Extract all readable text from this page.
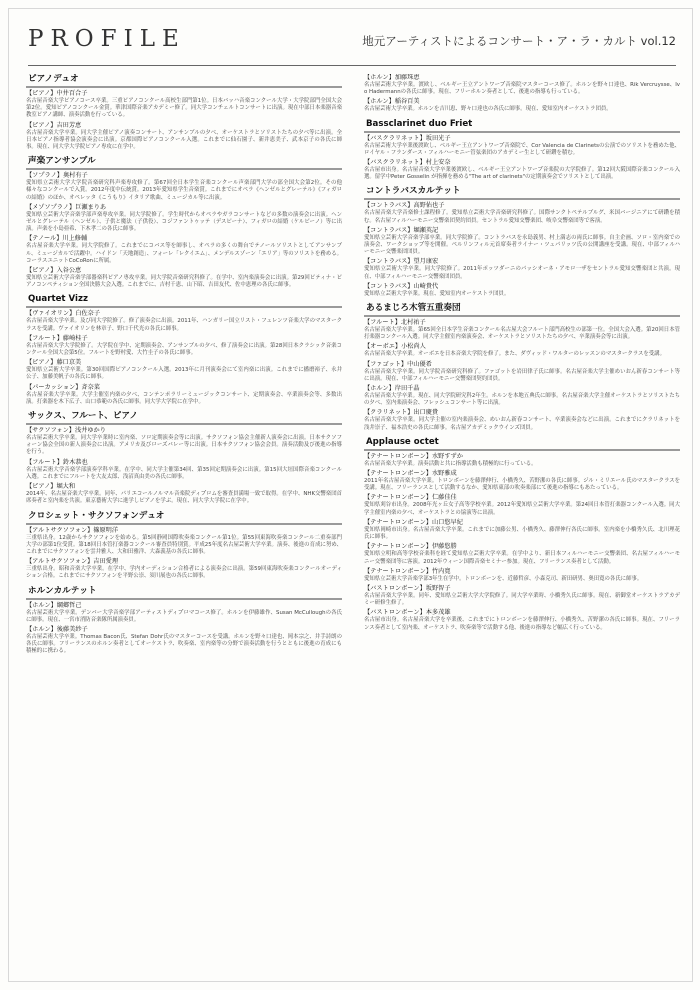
PROFILE	地元アーティストによるコンサート・ア・ラ・カルト vol.12
ピアノデュオ
【ピアノ】中井百合子
名古屋音楽大学ピアノコース卒業。三重ピアノコンクール高校生部門第1位。日本バッハ音楽コンクール大学・大学院部門全国大会第2位。愛知ピアノコンクール金賞。華津国際音楽アカデミー修了。同大学コンチェルトコンサートに出演。現在中部日本楽器音楽教室ピアノ講師、演奏活動を行っている。
【ピアノ】吉田芳恵
名古屋音楽大学卒業。同大学主催ピアノ演奏コンサート、アンサンブルの夕べ、オーケストラとソリストたちの夕べ等に出演。全日本ピアノ指導者協会演奏会に出演。京都国際ピアノコンクール入選。これまでに仙石園子、新井恵美子、武本京子の各氏に師事。現在、同大学大学院ピアノ専攻に在学中。
声楽アンサンブル
【ソプラノ】奥村有子
愛知県立芸術大学大学院音楽研究科声楽専攻修了。第67回全日本学生音楽コンクール声楽部門大学の部全国大会第2位。その他様々なコンクールで入賞。2012年度中伝統賞。2013年愛知県学生音楽賞。これまでにオペラ《ヘンゼルとグレーテル》《フィガロの結婚》のほか、オペレッタ《こうもり》イタリア歌曲、ミュージカル等に出演。
【メゾソプラノ】巨瀬まりあ
愛知県立芸術大学音楽学部声楽専攻卒業。同大学院修了。学生時代からオペラやガラコンサートなどの多数の演奏会に出演。ヘンゼルとグレーテル（ヘンゼル）、子供と魔法（子供役）、コジファントゥッテ（デスピーナ）、フィガロの結婚（ケルビーノ）等に出演。声楽を小島亜希、下木孝二の各氏に師事。
【テノール】川上修輔
名古屋音楽大学卒業。同大学院修了。これまでにコバス等を師事し、オペラの多くの舞台でテノールソリストとしてアンサンブル、ミュージカルで活躍中。ハイドン「天地創造」、フォーレ「レクイエム」、メンデルスゾーン「エリア」等のソリストを務める。コーラスユニットCoCoRonに所属。
【ピアノ】入谷公恵
愛知県立芸術大学音楽学部器楽科ピアノ専攻卒業。同大学院音楽研究科修了。在学中、室内楽演奏会に出演。第29回ピティナ・ピアノコンペティション全国決勝大会入選。これまでに、吉村千恵、山下昭、吉田友代、佐中恵理の各氏に師事。
Quartet Vizz
【ヴァイオリン】白佐奈子
名古屋音楽大学卒業。及び同大学院修了。修了演奏会に出演。2011年、ハンガリー国立リスト・フェレンツ音楽大学のマスタークラスを受講。ヴァイオリンを林章子、野口千代光の各氏に師事。
【フルート】藤崎桂子
名古屋音楽大学大学院修了。大学院在学中、定期演奏会、アンサンブルの夕べ、修了演奏会に出演。第28回日本クラシック音楽コンクール全国大会第5位。フルートを野村愛、大竹圭子の各氏に師事。
【ピアノ】藤口京美
愛知県立芸術大学卒業。第30回国際ピアノコンクール入選。2013年に月刊演奏会にて室内楽に出演。これまでに播磨裕子、永井公子、加藤美帆子の各氏に師事。
【パーカッション】斉奈菜
名古屋音楽大学卒業。大学主催室内楽の夕べ、コンテンポラリーミュージックコンサート、定期演奏会、卒業演奏会等、多数出演。打楽器を木下広子、山口恭範の各氏に師事。同大学大学院に在学中。
サックス、フルート、ピアノ
【サクソフォン】浅井ゆかり
名古屋芸術大学卒業。同大学卒業時に室内楽、ソロ定期演奏会等に出演。サクソフォン協会主催新人演奏会に出演。日本サクソフォーン協会全国の新人演奏会に出演。アメリカ及びローズバレー等に出演。日本サクソフォン協会会員。演奏活動及び後進の指導を行う。
【フルート】鈴木恭也
名古屋芸術大学音楽学部演奏学科卒業。在学中、同大学主催第34回、第35回定期演奏会に出演。第15回大垣国際音楽コンクール入選。これまでにフルートを大友太郎、浅沼真由美の各氏に師事。
【ピアノ】堀大和
2014年、名古屋音楽大学卒業。同年、パリエコールノルマル音楽院ディプロムを審査員満場一致で取得。在学中、NHK交響楽団首席奏者と室内楽を共演。東京藝術大学に進学しピアノを学ぶ。現在、同大学大学院に在学中。
クロシェット・サクソフォンデュオ
【アルトサクソフォン】篠原明洋
三重県出身。12歳からサクソフォンを始める。第5回静岡国際吹奏楽コンクール第1位。第55回東海吹奏楽コンクール二重奏部門大学の部第1位受賞。第18回日本管打楽器コンクール審査員特別賞。平成25年度名古屋芸術大学卒業。演奏、後進の育成に努め、これまでにサクソフォンを雲井雅人、大和田雅洋、大森義基の各氏に師事。
【アルトサクソフォン】吉田愛理
三重県出身。昭和音楽大学卒業。在学中、学内オーディション合格者による演奏会に出演。第59回東海吹奏楽コンクールオーディション合格。これまでにサクソフォンを平野公崇、須川展也の各氏に師事。
ホルンカルテット
【ホルン】綱郷哲己
名古屋芸術大学卒業。デンバー大学音楽学部アーティストディプロマコース修了。ホルンを伊藤雄作、Susan McCulloughの各氏に師事。現在、一宮市消防音楽隊所属演奏員。
【ホルン】後藤美紗子
名古屋芸術大学卒業。Thomas Bacon氏、Stefan Dohr氏のマスターコースを受講。ホルンを野々口達也、岡本宗之、井手詩朗の各氏に師事。フリーランスのホルン奏者としてオーケストラ、吹奏楽、室内楽等の分野で演奏活動を行うとともに後進の育成にも積極的に携わる。
【ホルン】加藤珠恵
名古屋芸術大学卒業。渡欧し、ベルギー王立アントワープ音楽院マスターコース修了。ホルンを野々口達也、Rik Vercruysse、Ivo Hadermannの各氏に師事。現在、フリーホルン奏者として、後進の指導も行っている。
【ホルン】稲谷百美
名古屋芸術大学卒業。ホルンを吉川恵、野々口達也の各氏に師事。現在、愛知室内オーケストラ団員。
Bassclarinet duo Friet
【バスクラリネット】坂田光子
名古屋芸術大学卒業後渡欧し、ベルギー王立アントワープ音楽院で、Cor Valencia de Clarinetsの公演でのソリストを務めた他、ロイヤル・フランダース・フィルハーモニー管弦楽団のアカデミー生として研鑽を積む。
【バスクラリネット】村上安奈
名古屋市出身。名古屋音楽大学卒業後渡欧し、ベルギー王立アントワープ音楽院の大学院修了。第12回大阪国際音楽コンクール入選。留学中Peter Gosselin が指揮を務める"The art of clarinets"の定期演奏会でソリストとして出演。
コントラバスカルテット
【コントラバス】高野佑也子
名古屋音楽大学音楽修士課程修了。愛知県立芸術大学音楽研究科修了。国際サンクトペテルブルグ、米国バージニアにて研鑽を積む。名古屋フィルハーモニー交響楽団契約団員。セントラル愛知交響楽団、岐阜交響楽団等で客演。
【コントラバス】堀瀬英記
愛知県立芸術大学音楽学部卒業。同大学院修了。コントラバスを永島義男、村上満志の両氏に師事。自主企画、ソロ・室内楽での演奏会、ワークショップ等を開催。ペルリンフィル元首席奏者ライナー・ツェパリッツ氏の公開講座を受講。現在、中部フィルハーモニー交響楽団団員。
【コントラバス】望月康宏
愛知県立芸術大学卒業。同大学院修了。2011年ポッツダーニのパッシオーネ・アモロ一ザをセントラル愛知交響楽団と共演。現在、中部フィルハーモニー交響楽団団員。
【コントラバス】山崎貴代
愛知県立芸術大学卒業。現在、愛知室内オーケストラ団員。
あるまじろ木管五重奏団
【フルート】北村祐子
名古屋音楽大学卒業。第65回全日本学生音楽コンクール名古屋大会フルート部門高校生の部第一位。全国大会入選。第20回日本管打楽器コンクール入選。同大学主催室内楽演奏会、オーケストラとソリストたちの夕べ、卒業演奏会等に出演。
【オーボエ】小松尚人
名古屋音楽大学卒業。オーボエを日本音楽大学院を修了。また、ダヴィッド・ワルターのレッスンのマスタークラスを受講。
【ファゴット】中山優希
名古屋音楽大学卒業。同大学院音楽研究科修了。ファゴットを岩田律子氏に師事。名古屋音楽大学主催めいおん新春コンサート等に出演。現在、中部フィルハーモニー交響楽団契約団員。
【ホルン】岸田千晶
名古屋音楽大学卒業。現在、同大学院研究科2年生。ホルンを本地五典氏に師事。名古屋音楽大学主催オーケストラとソリストたちの夕べ、室内楽演奏会、フレッシュコンサート等に出演。
【クラリネット】出口慶貴
名古屋音楽大学卒業。同大学主催の室内楽演奏会、めいおん新春コンサート、卒業演奏会などに出演。これまでにクラリネットを浅井崇子、福本浩史の各氏に師事。名古屋アカデミックウインズ団員。
Applause octet
【テナートロンボーン】水野すずか
名古屋音楽大学卒業。演奏活動と共に指導活動も積極的に行っている。
【テナートロンボーン】水野雅成
2011年名古屋音楽大学卒業。トロンボーンを藤澤伸行、小橋秀久、苦野潔の各氏に師事。ジル・ミリエール氏のマスタークラスを受講。現在、フリーランスとして活動するなか、愛知県東部の吹奏楽部にて後進の指導にもあたっている。
【テナートロンボーン】仁藤佳佳
愛知県刈谷市出身。2008年光ヶ丘女子高等学校卒業。2012年愛知県立芸術大学卒業。第24回日本管打楽器コンクール入選。同大学主催室内楽の夕べ、オーケストラとの協演等に出演。
【テナートロンボーン】山口悠早紀
愛知県岡崎市出身。名古屋音楽大学卒業。これまでに加藤公男、小橋秀久、藤澤伸行各氏に師事。室内楽を小橋秀久氏、北川理花氏に師事。
【テナートロンボーン】伊藤悠勝
愛知県立明和高等学校音楽科を経て愛知県立芸術大学卒業。在学中より、新日本フィルハーモニー交響楽団、名古屋フィルハーモニー交響楽団等に客演。2012年ウィーン国際音楽セミナー参加。現在、フリーランス奏者として活動。
【テナートロンボーン】竹内寛
愛知県立芸術大学音楽学部3年生在学中。トロンボーンを、近藤哲彦、小森克司、新田研男、奥田寛の各氏に師事。
【バストロンボーン】坂野智子
名古屋音楽大学卒業。同年、愛知県立芸術大学大学院修了。同大学卒業時、小橋秀久氏に師事。現在、新御堂オーケストラアカデミー研修生修了。
【バストロンボーン】本多茂雄
名古屋市出身。名古屋音楽大学を卒業後、これまでにトロンボーンを藤澤伸行、小橋秀久、苦野潔の各氏に師事。現在、フリーランス奏者として室内楽、オーケストラ、吹奏楽等で活動する他、後進の指導など幅広く行っている。
